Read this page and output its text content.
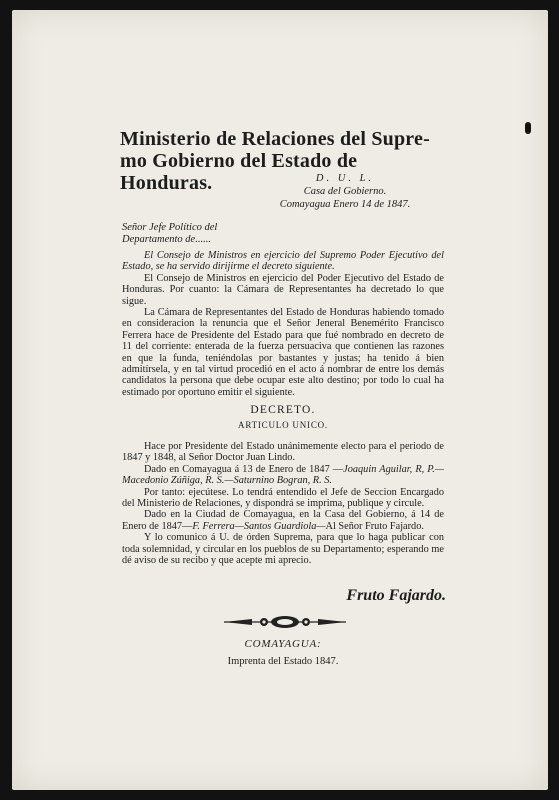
Ministerio de Relaciones del Supre-
mo Gobierno del Estado de Honduras.	D. U. L.
Casa del Gobierno.
Comayagua Enero 14 de 1847.
Señor Jefe Político del
Departamento de......

El Consejo de Ministros en ejercicio del Supremo Poder Ejecutivo del Estado, se ha servido dirijirme el decreto siguiente.

El Consejo de Ministros en ejercicio del Poder Ejecutivo del Estado de Honduras. Por cuanto: la Cámara de Representantes ha decretado lo que sigue.

La Cámara de Representantes del Estado de Honduras habiendo tomado en consideracion la renuncia que el Señor Jeneral Benemérito Francisco Ferrera hace de Presidente del Estado para que fué nombrado en decreto de 11 del corriente: enterada de la fuerza persuaciva que contienen las razones en que la funda, teniéndolas por bastantes y justas; ha tenido á bien admitírsela, y en tal virtud procedió en el acto á nombrar de entre los demás candidatos la persona que debe ocupar este alto destino; por todo lo cual ha estimado por oportuno emitir el siguiente.

DECRETO.
ARTICULO UNICO.

Hace por Presidente del Estado unánimemente electo para el periodo de 1847 y 1848, al Señor Doctor Juan Lindo.

Dado en Comayagua á 13 de Enero de 1847 —Joaquin Aguilar, R, P.—Macedonio Zúñiga, R. S.—Saturnino Bogran, R. S.

Por tanto: ejecútese. Lo tendrá entendido el Jefe de Seccion Encargado del Ministerio de Relaciones, y dispondrá se imprima, publique y circule.

Dado en la Ciudad de Comayagua, en la Casa del Gobierno, á 14 de Enero de 1847—F. Ferrera—Santos Guardiola—Al Señor Fruto Fajardo.

Y lo comunico á U. de órden Suprema, para que lo haga publicar con toda solemnidad, y circular en los pueblos de su Departamento; esperando me dé aviso de su recibo y que acepte mi aprecio.

Fruto Fajardo.
COMAYAGUA:
Imprenta del Estado 1847.
